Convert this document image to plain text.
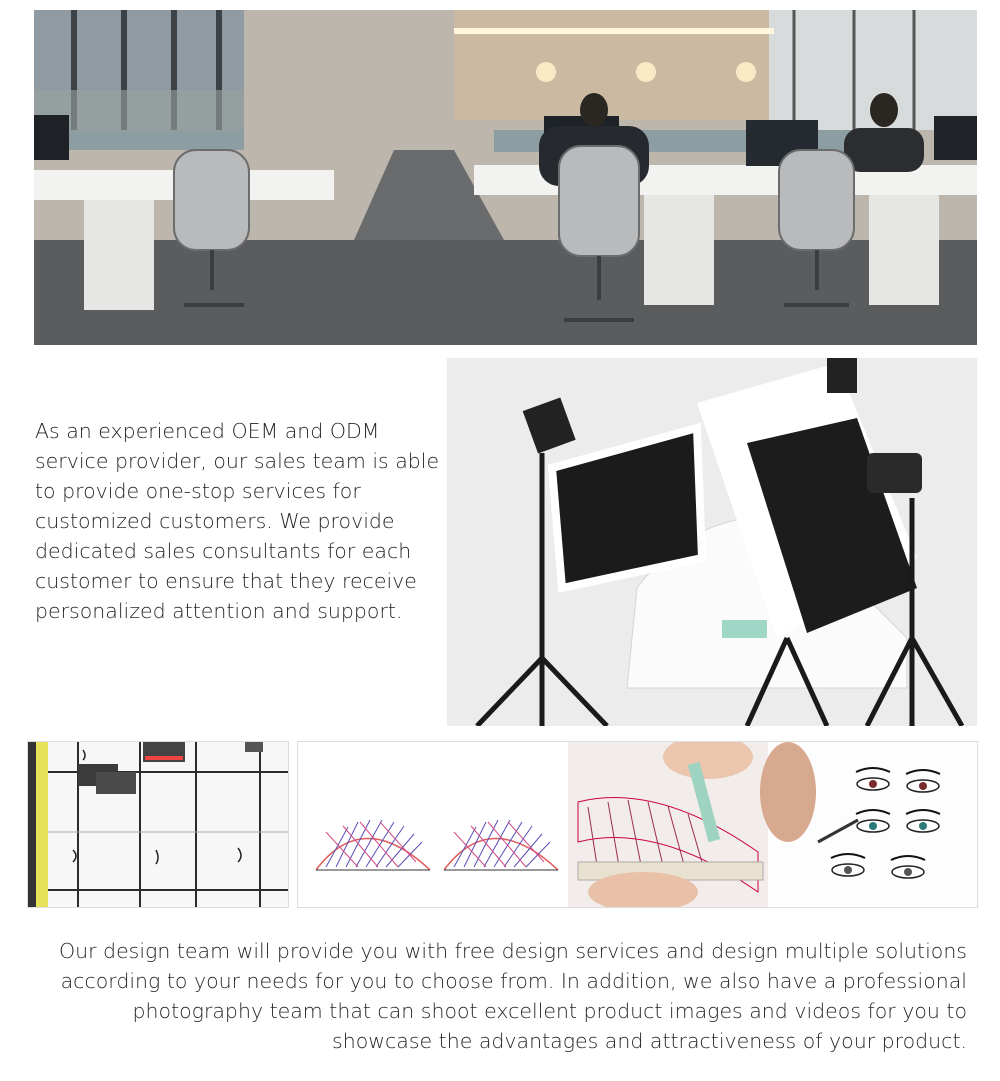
As an experienced OEM and ODM service provider, our sales team is able to provide one-stop services for customized customers. We provide dedicated sales consultants for each customer to ensure that they receive personalized attention and support.

Our design team will provide you with free design services and design multiple solutions according to your needs for you to choose from. In addition, we also have a professional photography team that can shoot excellent product images and videos for you to showcase the advantages and attractiveness of your product.
